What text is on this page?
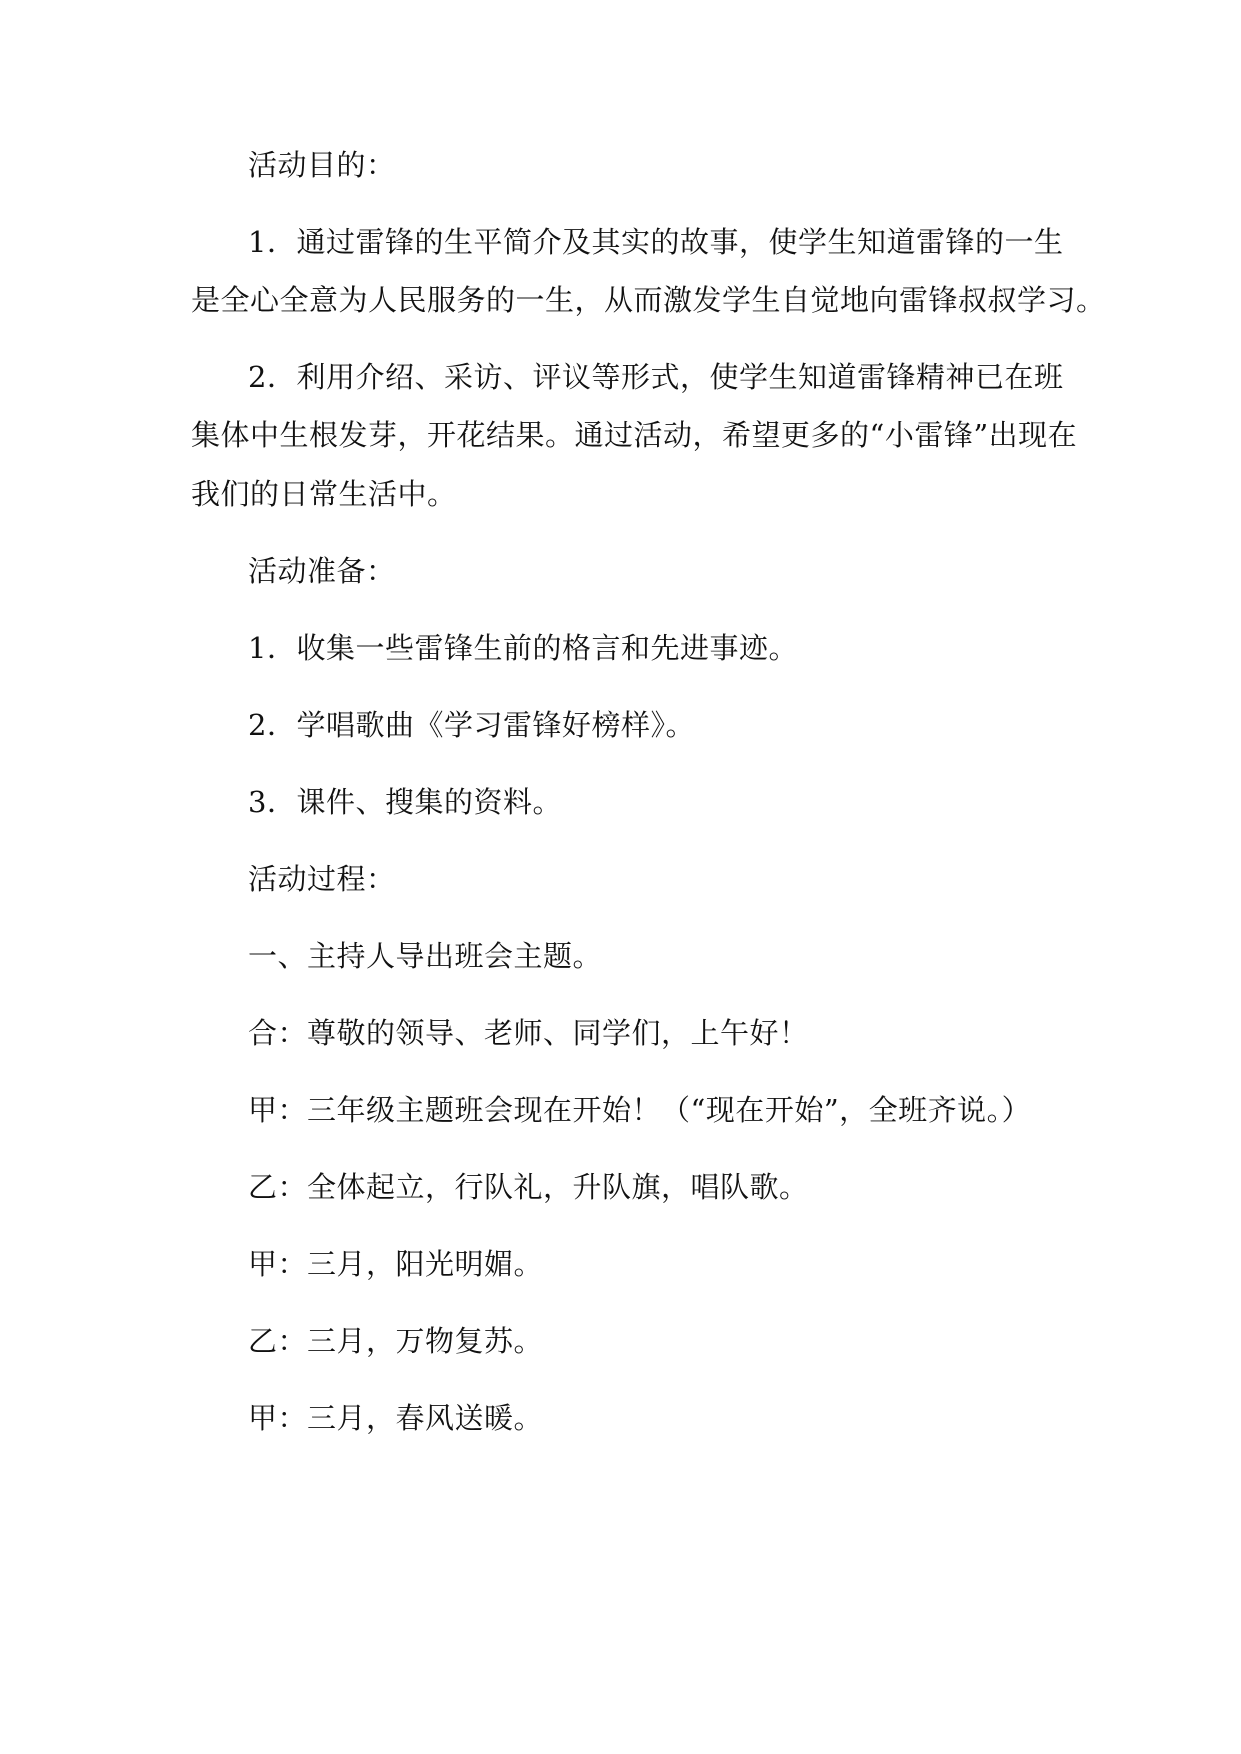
活动目的：
1．通过雷锋的生平简介及其实的故事，使学生知道雷锋的一生
是全心全意为人民服务的一生，从而激发学生自觉地向雷锋叔叔学习。
2．利用介绍、采访、评议等形式，使学生知道雷锋精神已在班
集体中生根发芽，开花结果。通过活动，希望更多的“小雷锋”出现在
我们的日常生活中。
活动准备：
1．收集一些雷锋生前的格言和先进事迹。
2．学唱歌曲《学习雷锋好榜样》。
3．课件、搜集的资料。
活动过程：
一、主持人导出班会主题。
合：尊敬的领导、老师、同学们，上午好！
甲：三年级主题班会现在开始！（“现在开始”，全班齐说。）
乙：全体起立，行队礼，升队旗，唱队歌。
甲：三月，阳光明媚。
乙：三月，万物复苏。
甲：三月，春风送暖。
